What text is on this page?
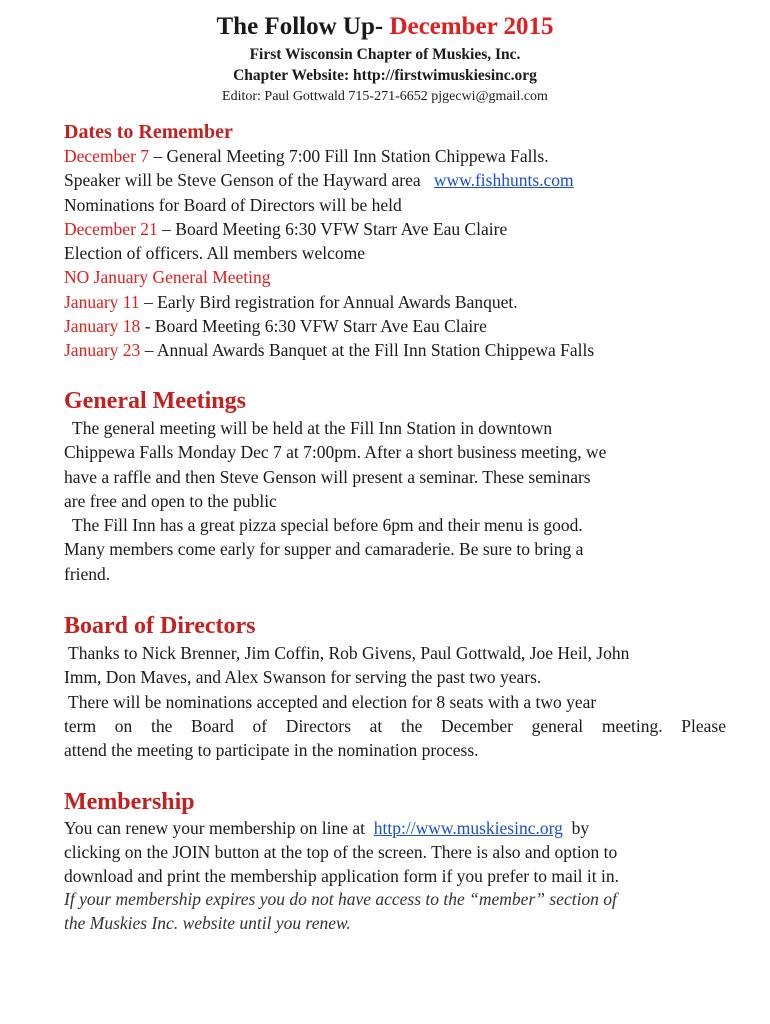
The Follow Up- December 2015
First Wisconsin Chapter of Muskies, Inc.
Chapter Website: http://firstwimuskiesinc.org
Editor: Paul Gottwald 715-271-6652 pjgecwi@gmail.com
Dates to Remember
December 7 – General Meeting 7:00 Fill Inn Station Chippewa Falls.
Speaker will be Steve Genson of the Hayward area www.fishhunts.com
Nominations for Board of Directors will be held
December 21 – Board Meeting 6:30 VFW Starr Ave Eau Claire
Election of officers. All members welcome
NO January General Meeting
January 11 – Early Bird registration for Annual Awards Banquet.
January 18 - Board Meeting 6:30 VFW Starr Ave Eau Claire
January 23 – Annual Awards Banquet at the Fill Inn Station Chippewa Falls
General Meetings
The general meeting will be held at the Fill Inn Station in downtown
Chippewa Falls Monday Dec 7 at 7:00pm. After a short business meeting, we
have a raffle and then Steve Genson will present a seminar. These seminars
are free and open to the public
The Fill Inn has a great pizza special before 6pm and their menu is good.
Many members come early for supper and camaraderie. Be sure to bring a
friend.
Board of Directors
Thanks to Nick Brenner, Jim Coffin, Rob Givens, Paul Gottwald, Joe Heil, John
Imm, Don Maves, and Alex Swanson for serving the past two years.
There will be nominations accepted and election for 8 seats with a two year
term on the Board of Directors at the December general meeting. Please
attend the meeting to participate in the nomination process.
Membership
You can renew your membership on line at http://www.muskiesinc.org by
clicking on the JOIN button at the top of the screen. There is also and option to
download and print the membership application form if you prefer to mail it in.
If your membership expires you do not have access to the “member” section of
the Muskies Inc. website until you renew.
